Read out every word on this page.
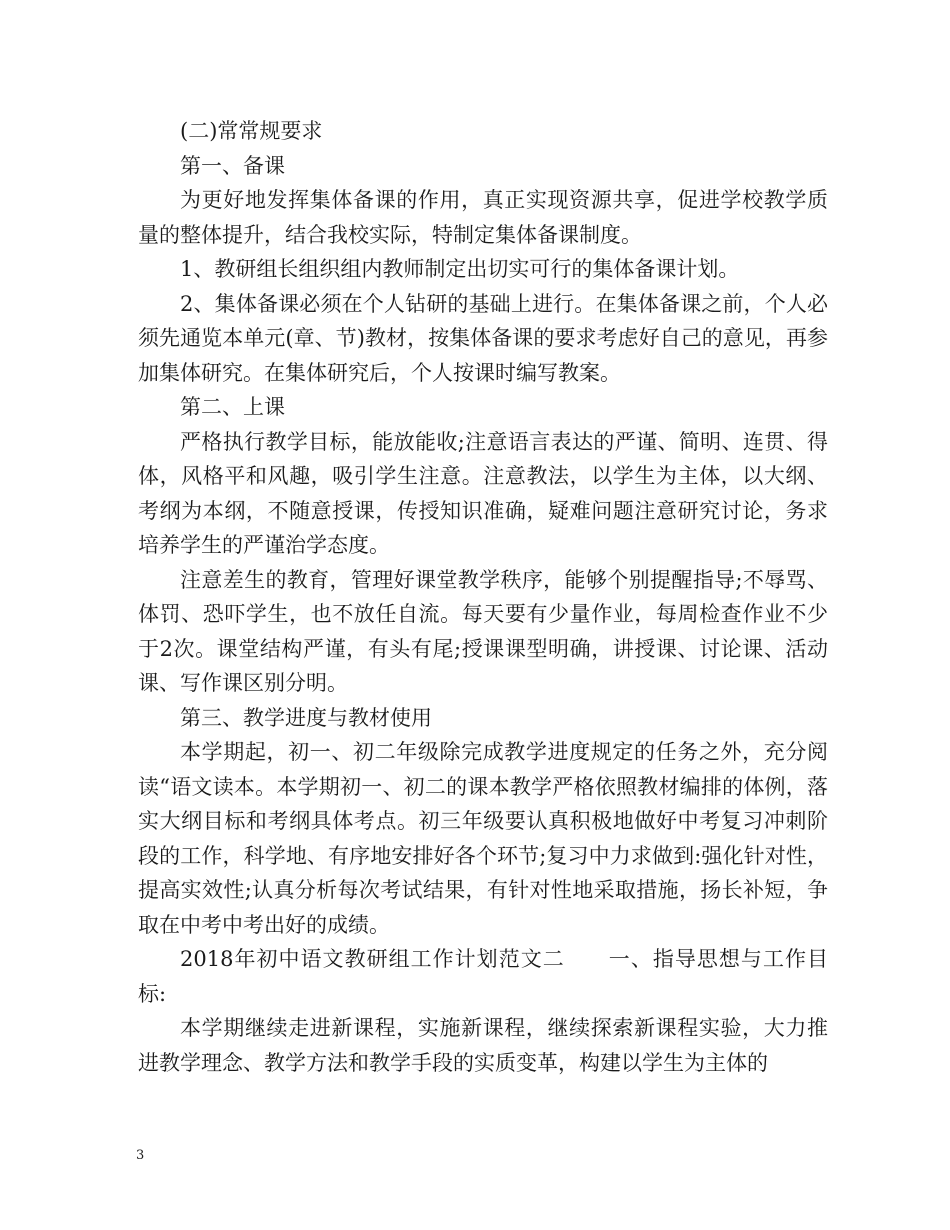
(二)常常规要求

第一、备课

为更好地发挥集体备课的作用，真正实现资源共享，促进学校教学质量的整体提升，结合我校实际，特制定集体备课制度。

1、教研组长组织组内教师制定出切实可行的集体备课计划。

2、集体备课必须在个人钻研的基础上进行。在集体备课之前，个人必须先通览本单元(章、节)教材，按集体备课的要求考虑好自己的意见，再参加集体研究。在集体研究后，个人按课时编写教案。

第二、上课

严格执行教学目标，能放能收;注意语言表达的严谨、简明、连贯、得体，风格平和风趣，吸引学生注意。注意教法，以学生为主体，以大纲、考纲为本纲，不随意授课，传授知识准确，疑难问题注意研究讨论，务求培养学生的严谨治学态度。

注意差生的教育，管理好课堂教学秩序，能够个别提醒指导;不辱骂、体罚、恐吓学生，也不放任自流。每天要有少量作业，每周检查作业不少于2次。课堂结构严谨，有头有尾;授课课型明确，讲授课、讨论课、活动课、写作课区别分明。

第三、教学进度与教材使用

本学期起，初一、初二年级除完成教学进度规定的任务之外，充分阅读“语文读本。本学期初一、初二的课本教学严格依照教材编排的体例，落实大纲目标和考纲具体考点。初三年级要认真积极地做好中考复习冲刺阶段的工作，科学地、有序地安排好各个环节;复习中力求做到:强化针对性，提高实效性;认真分析每次考试结果，有针对性地采取措施，扬长补短，争取在中考中考出好的成绩。

2018年初中语文教研组工作计划范文二　　一、指导思想与工作目标:

本学期继续走进新课程，实施新课程，继续探索新课程实验，大力推进教学理念、教学方法和教学手段的实质变革，构建以学生为主体的

3
